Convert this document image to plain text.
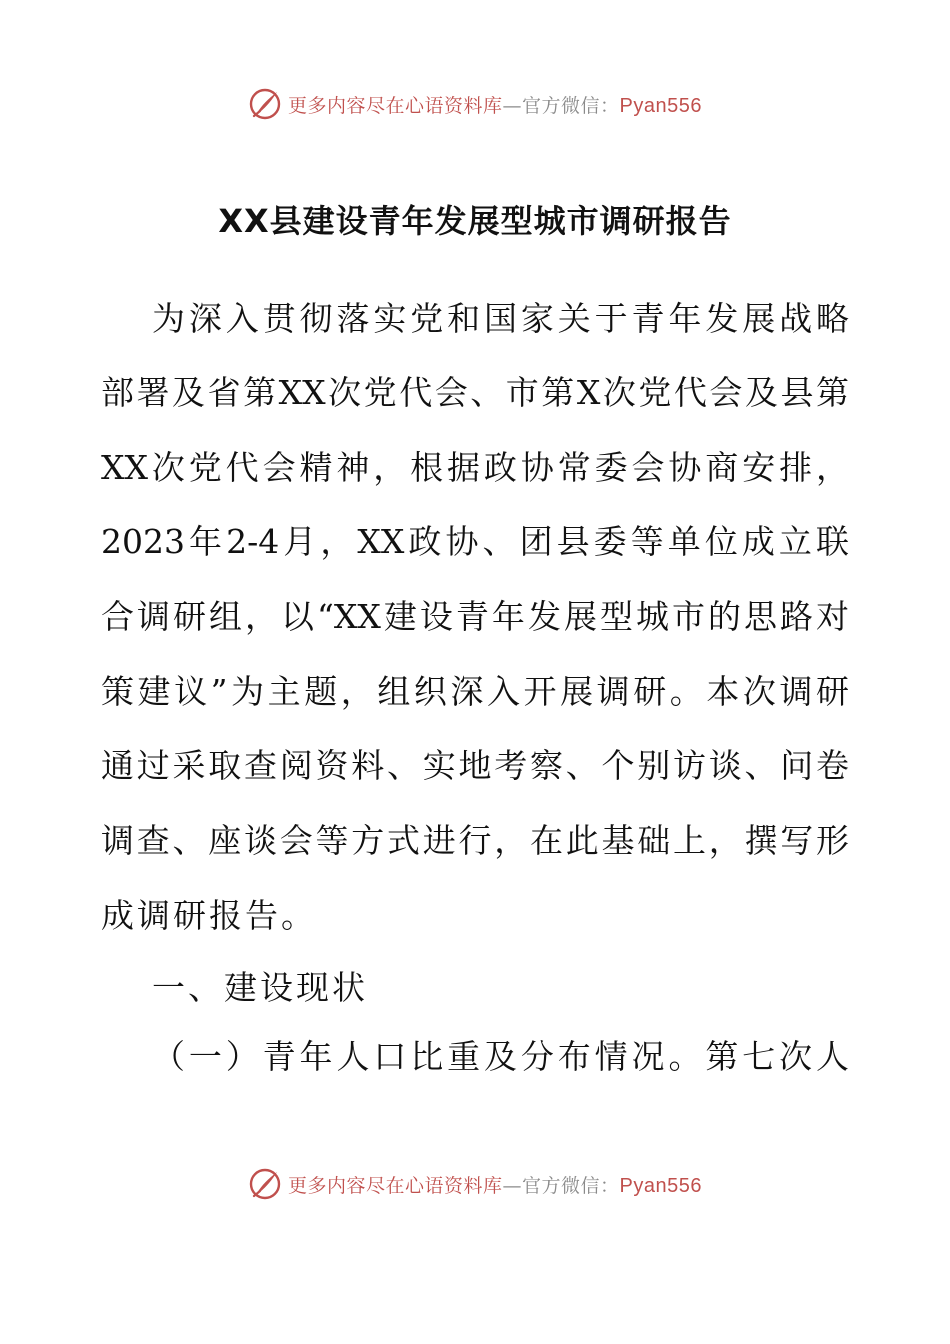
更多内容尽在心语资料库—官方微信：Pyan556
XX县建设青年发展型城市调研报告

为深入贯彻落实党和国家关于青年发展战略

部署及省第XX次党代会、市第X次党代会及县第

XX次党代会精神，根据政协常委会协商安排，

2023年2-4月，XX政协、团县委等单位成立联

合调研组，以“XX建设青年发展型城市的思路对

策建议”为主题，组织深入开展调研。本次调研

通过采取查阅资料、实地考察、个别访谈、问卷

调查、座谈会等方式进行，在此基础上，撰写形

成调研报告。

一、建设现状

（一）青年人口比重及分布情况。第七次人

更多内容尽在心语资料库—官方微信：Pyan556
